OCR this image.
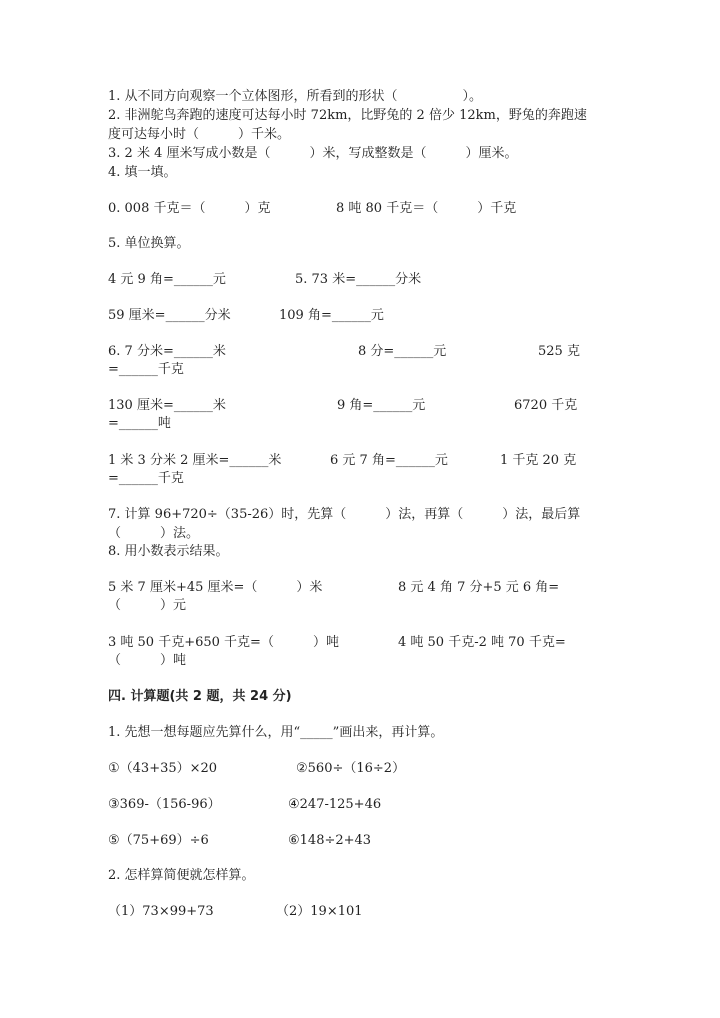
1. 从不同方向观察一个立体图形，所看到的形状（　　　　　）。
2. 非洲鸵鸟奔跑的速度可达每小时 72km，比野兔的 2 倍少 12km，野兔的奔跑速
度可达每小时（　　　）千米。
3. 2 米 4 厘米写成小数是（　　　）米，写成整数是（　　　）厘米。
4. 填一填。
0. 008 千克＝（　　　）克	8 吨 80 千克＝（　　　）千克
5. 单位换算。
4 元 9 角=______元	5. 73 米=______分米
59 厘米=______分米	109 角=______元
6. 7 分米=______米	8 分=______元	525 克
=______千克
130 厘米=______米	9 角=______元	6720 千克
=______吨
1 米 3 分米 2 厘米=______米	6 元 7 角=______元	1 千克 20 克
=______千克
7. 计算 96+720÷（35-26）时，先算（　　　）法，再算（　　　）法，最后算
（　　　）法。
8. 用小数表示结果。
5 米 7 厘米+45 厘米=（　　　）米	8 元 4 角 7 分+5 元 6 角=
（　　　）元
3 吨 50 千克+650 千克=（　　　）吨	4 吨 50 千克-2 吨 70 千克=
（　　　）吨
四. 计算题(共 2 题，共 24 分)
1. 先想一想每题应先算什么，用“_____”画出来，再计算。
①（43+35）×20	②560÷（16÷2）
③369-（156-96）	④247-125+46
⑤（75+69）÷6	⑥148÷2+43
2. 怎样算简便就怎样算。
（1）73×99+73	（2）19×101
